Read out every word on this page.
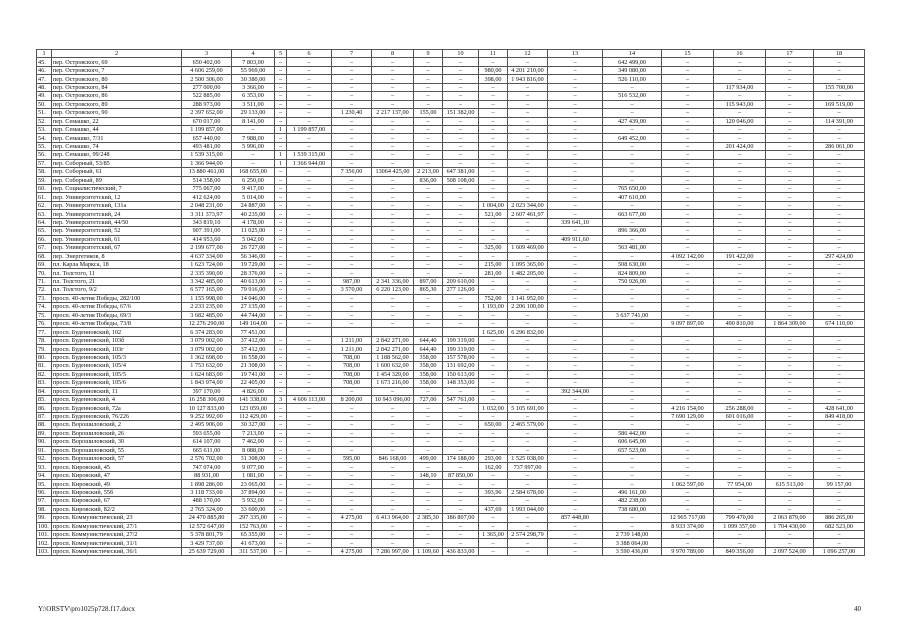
1	2	3	4	5	6	7	8	9	10	11	12	13	14	15	16	17	18
45.	пер. Островского, 69	650 402,00	7 803,00	–	–	–	–	–	–	–	–	–	642 499,00	–	–	–	–
46.	пер. Островского, 7	4 606 259,00	55 969,00	–	–	–	–	–	–	980,00	4 201 210,00	–	349 080,00	–	–	–	–
47.	пер. Островского, 80	2 500 306,00	30 380,00	–	–	–	–	–	–	398,00	1 943 816,00	–	526 110,00	–	–	–	–
48.	пер. Островского, 84	277 000,00	3 366,00	–	–	–	–	–	–	–	–	–	–	–	117 934,00	–	155 700,00
49.	пер. Островского, 86	522 885,00	6 353,00	–	–	–	–	–	–	–	–	–	516 532,00	–	–	–	–
50.	пер. Островского, 89	288 973,00	3 511,00	–	–	–	–	–	–	–	–	–	–	–	115 943,00	–	169 519,00
51.	пер. Островского, 90	2 397 652,00	29 133,00	–	–	1 230,40	2 217 137,00	155,00	151 382,00	–	–	–	–	–	–	–	–
52.	пер. Семашко, 22	670 017,00	8 141,00	–	–	–	–	–	–	–	–	–	427 439,00	–	120 046,00	–	114 391,00
53.	пер. Семашко, 44	1 199 857,00	–	1	1 199 857,00	–	–	–	–	–	–	–	–	–	–	–	–
54.	пер. Семашко, 7/31	657 440,00	7 988,00	–	–	–	–	–	–	–	–	–	649 452,00	–	–	–	–
55.	пер. Семашко, 74	493 481,00	5 996,00	–	–	–	–	–	–	–	–	–	–	–	201 424,00	–	286 061,00
56.	пер. Семашко, 99/248	1 539 315,00	–	1	1 539 315,00	–	–	–	–	–	–	–	–	–	–	–	–
57.	пер. Соборный, 53/85	1 366 944,00	–	1	1 366 944,00	–	–	–	–	–	–	–	–	–	–	–	–
58.	пер. Соборный, 61	13 880 461,00	168 655,00	–	–	7 356,00	13064 425,00	2 213,00	647 381,00	–	–	–	–	–	–	–	–
59.	пер. Соборный, 89	514 358,00	6 250,00	–	–	–	–	836,00	508 108,00	–	–	–	–	–	–	–	–
60.	пер. Социалистический, 7	775 067,00	9 417,00	–	–	–	–	–	–	–	–	–	765 650,00	–	–	–	–
61.	пер. Университетский, 12	412 624,00	5 014,00	–	–	–	–	–	–	–	–	–	407 610,00	–	–	–	–
62.	пер. Университетский, 131а	2 048 231,00	24 887,00	–	–	–	–	–	–	1 004,00	2 023 344,00	–	–	–	–	–	–
63.	пер. Университетский, 24	3 311 373,97	40 235,00	–	–	–	–	–	–	521,00	2 607 461,97	–	663 677,00	–	–	–	–
64.	пер. Университетский, 44/50	343 819,10	4 178,00	–	–	–	–	–	–	–	–	339 641,10	–	–	–	–	–
65.	пер. Университетский, 52	907 391,00	11 025,00	–	–	–	–	–	–	–	–	–	896 366,00	–	–	–	–
66.	пер. Университетский, 61	414 953,60	5 042,00	–	–	–	–	–	–	–	–	409 911,60	–	–	–	–	–
67.	пер. Университетский, 67	2 199 677,00	26 727,00	–	–	–	–	–	–	325,00	1 609 469,00	–	563 481,00	–	–	–	–
68.	пер. Энергетиков, 8	4 637 334,00	56 346,00	–	–	–	–	–	–	–	–	–	–	4 092 142,00	191 422,00	–	297 424,00
69.	пл. Карла Маркса, 18	1 623 724,00	19 729,00	–	–	–	–	–	–	215,00	1 095 365,00	–	508 630,00	–	–	–	–
70.	пл. Толстого, 11	2 335 390,00	28 376,00	–	–	–	–	–	–	281,00	1 482 205,00	–	824 809,00	–	–	–	–
71.	пл. Толстого, 21	3 342 485,00	40 613,00	–	–	987,00	2 341 336,00	897,00	209 610,00	–	–	–	750 926,00	–	–	–	–
72.	пл. Толстого, 9/2	6 577 165,00	79 916,00	–	–	3 570,00	6 220 123,00	865,30	277 126,00	–	–	–	–	–	–	–	–
73.	просп. 40-летия Победы, 282/100	1 155 998,00	14 046,00	–	–	–	–	–	–	752,00	1 141 952,00	–	–	–	–	–	–
74.	просп. 40-летия Победы, 67/6	2 233 235,00	27 135,00	–	–	–	–	–	–	1 193,00	2 206 100,00	–	–	–	–	–	–
75.	просп. 40-летия Победы, 69/3	3 682 485,00	44 744,00	–	–	–	–	–	–	–	–	–	3 637 741,00	–	–	–	–
76.	просп. 40-летия Победы, 73/8	12 276 290,00	149 164,00	–	–	–	–	–	–	–	–	–	–	9 097 897,00	490 810,00	1 864 309,00	674 110,00
77.	просп. Буденновский, 102	6 374 283,00	77 451,00							1 625,00	6 296 832,00						
78.	просп. Буденновский, 103б	3 079 002,00	37 412,00	–	–	1 211,00	2 842 271,00	644,40	199 319,00	–	–	–	–	–	–	–	–
79.	просп. Буденновский, 103г	3 079 002,00	37 412,00	–	–	1 211,00	2 842 271,00	644,40	199 319,00	–	–	–	–	–	–	–	–
80.	просп. Буденновский, 105/3	1 362 698,00	16 558,00	–	–	708,00	1 188 562,00	358,00	157 578,00	–	–	–	–	–	–	–	–
81.	просп. Буденновский, 105/4	1 753 632,00	21 308,00	–	–	708,00	1 600 632,00	358,00	131 692,00	–	–	–	–	–	–	–	–
82.	просп. Буденновский, 105/5	1 624 683,00	19 741,00	–	–	708,00	1 454 329,00	358,00	150 613,00	–	–	–	–	–	–	–	–
83.	просп. Буденновский, 105/6	1 843 974,00	22 405,00	–	–	708,00	1 673 216,00	358,00	148 353,00	–	–	–	–	–	–	–	–
84.	просп. Буденновский, 11	397 170,00	4 826,00	–	–	–	–	–	–	–	–	392 344,00	–	–	–	–	–
85.	просп. Буденновский, 4	16 258 306,00	141 338,00	3	4 606 113,00	8 200,00	10 943 096,00	727,00	547 761,00	–	–	–	–	–	–	–	–
86.	просп. Буденновский, 72а	10 127 833,00	123 059,00	–	–	–	–	–	–	1 032,00	5 105 691,00	–	–	4 216 154,00	256 288,00	–	428 641,00
87.	просп. Буденновский, 76/226	9 252 992,00	112 429,00	–	–	–	–	–	–	–	–	–	–	7 690 129,00	601 016,00	–	849 418,00
88.	просп. Ворошиловский, 2	2 495 906,00	30 327,00	–	–	–	–	–	–	650,00	2 465 579,00	–	–	–	–	–	–
89.	просп. Ворошиловский, 26	593 655,00	7 213,00	–	–	–	–	–	–	–	–	–	586 442,00	–	–	–	–
90.	просп. Ворошиловский, 30	614 107,00	7 462,00	–	–	–	–	–	–	–	–	–	606 645,00	–	–	–	–
91.	просп. Ворошиловский, 55	665 611,00	8 088,00	–	–	–	–	–	–	–	–	–	657 523,00	–	–	–	–
92.	просп. Ворошиловский, 57	2 576 702,00	31 308,00	–	–	595,00	846 168,00	499,00	174 188,00	293,00	1 525 038,00	–	–	–	–	–	–
93.	просп. Кировский, 45	747 074,00	9 077,00	–	–	–	–	–	–	162,00	737 997,00	–	–	–	–	–	–
94.	просп. Кировский, 47	88 931,00	1 081,00	–	–	–	–	148,10	87 850,00	–	–	–	–	–	–	–	–
95.	просп. Кировский, 49	1 898 286,00	23 065,00	–	–	–	–	–	–	–	–	–	–	1 062 597,00	77 954,00	615 513,00	99 157,00
96.	просп. Кировский, 55б	3 118 733,00	37 894,00	–	–	–	–	–	–	393,96	2 584 678,00	–	496 161,00	–	–	–	–
97.	просп. Кировский, 67	488 170,00	5 932,00	–	–	–	–	–	–	–	–	–	482 238,00	–	–	–	–
98.	просп. Кировский, 82/2	2 765 324,00	33 600,00	–	–	–	–	–	–	437,69	1 993 044,00	–	738 680,00	–	–	–	–
99.	просп. Коммунистический, 23	24 470 885,80	297 335,00	–	–	4 275,00	6 413 964,00	2 385,30	186 807,00	–	–	857 448,80	–	12 965 717,00	799 470,00	2 063 879,00	886 265,00
100.	просп. Коммунистический, 27/1	12 572 647,00	152 763,00	–	–	–	–	–	–	–	–	–	–	8 933 374,00	1 099 357,00	1 704 430,00	682 523,00
101.	просп. Коммунистический, 27/2	5 378 801,79	65 355,00	–	–	–	–	–	–	1 365,00	2 574 298,79	–	2 739 148,00	–	–	–	–
102.	просп. Коммунистический, 31/1	3 429 737,00	41 673,00	–	–	–	–	–	–	–	–	–	3 388 064,00	–	–	–	–
103.	просп. Коммунистический, 36/1	25 639 729,00	311 537,00	–	–	4 275,00	7 286 997,00	1 109,60	436 833,00	–	–	–	3 590 436,00	9 970 789,00	849 356,00	2 097 524,00	1 096 257,00
Y:\ORSTV\pro1025p728.f17.docx	40
